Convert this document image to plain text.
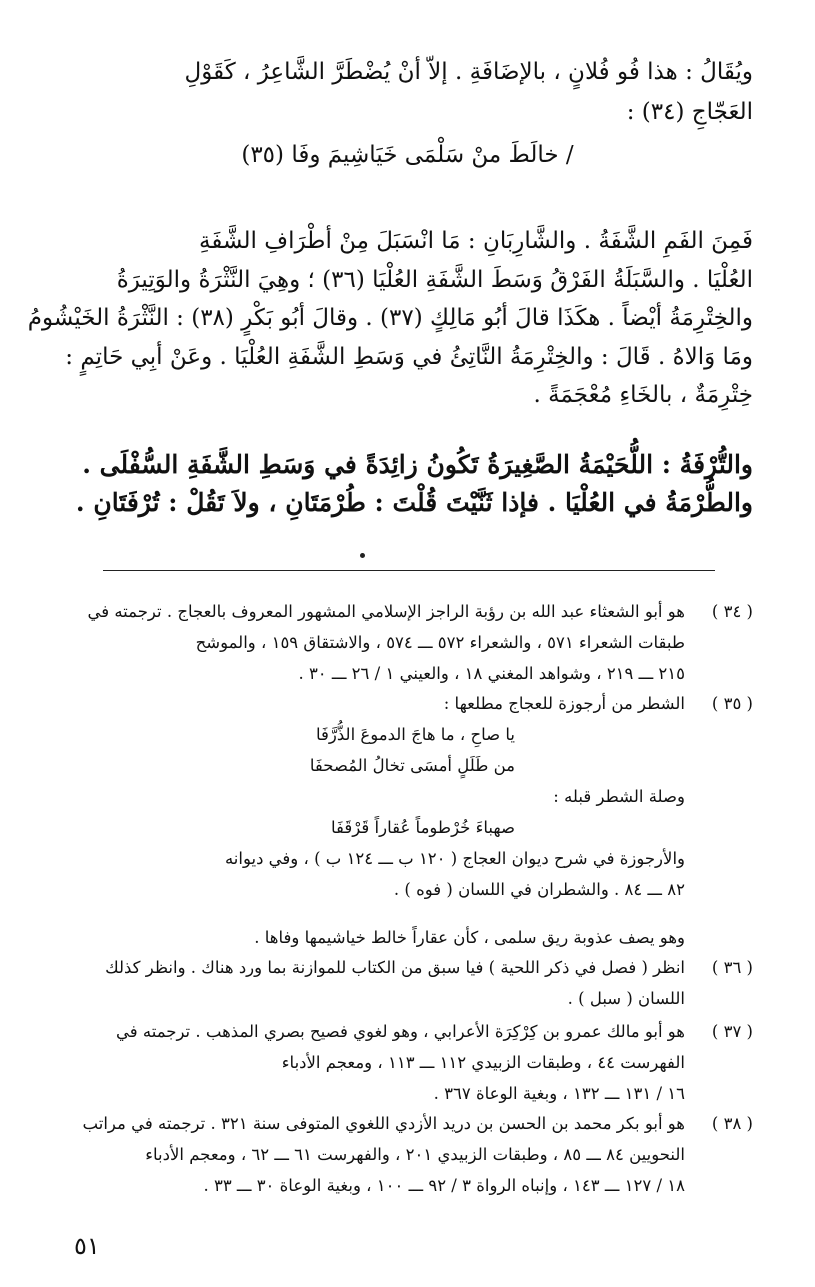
ويُقَالُ : هذا فُو فُلانٍ ، بالإضَافَةِ . إلاّ أنْ يُضْطَرَّ الشَّاعِرُ ، كَقَوْلِ
العَجّاجِ (٣٤) :
/ خالَطَ منْ سَلْمَى خَيَاشِيمَ وفَا (٣٥)
فَمِنَ الفَمِ الشَّفَةُ . والشَّارِبَانِ : مَا انْسَبَلَ مِنْ أطْرَافِ الشَّفَةِ
العُلْيَا . والسَّبَلَةُ الفَرْقُ وَسَطَ الشَّفَةِ العُلْيَا (٣٦) ؛ وهِيَ النَّثْرَةُ والوَتِيرَةُ
والخِتْرِمَةُ أيْضاً . هكَذَا قالَ أبُو مَالِكٍ (٣٧) . وقالَ أبُو بَكْرٍ (٣٨) : النَّثْرَةُ الخَيْشُومُ
ومَا وَالاهُ . قَالَ : والخِتْرِمَةُ النَّاتِئُ في وَسَطِ الشَّفَةِ العُلْيَا . وعَنْ أبِي حَاتِمٍ :
خِتْرِمَةٌ ، بالخَاءِ مُعْجَمَةً .
والتُّرْفَةُ : اللُّحَيْمَةُ الصَّغِيرَةُ تَكُونُ زائِدَةً في وَسَطِ الشَّفَةِ السُّفْلَى .
والطُّرْمَةُ في العُلْيَا . فإذا ثَنَّيْتَ قُلْتَ : طُرْمَتَانِ ، ولاَ تَقُلْ : تُرْفَتَانِ .
( ٣٤ )
هو أبو الشعثاء عبد الله بن رؤبة الراجز الإسلامي المشهور المعروف بالعجاج . ترجمته في
طبقات الشعراء ٥٧١ ، والشعراء ٥٧٢ ـــ ٥٧٤ ، والاشتقاق ١٥٩ ، والموشح
٢١٥ ـــ ٢١٩ ، وشواهد المغني ١٨ ، والعيني ١ / ٢٦ ـــ ٣٠ .
( ٣٥ )
الشطر من أرجوزة للعجاج مطلعها :
يا صاحِ ، ما هاجَ الدموعَ الذُّرَّفَا
من طَلَلٍ أمسَى تخالُ المُصحفَا
وصلة الشطر قبله :
صهباءَ خُرْطوماً عُقاراً قَرْقَفَا
والأرجوزة في شرح ديوان العجاج ( ١٢٠ ب ـــ ١٢٤ ب ) ، وفي ديوانه
٨٢ ـــ ٨٤ . والشطران في اللسان ( فوه ) .
وهو يصف عذوبة ريق سلمى ، كأن عقاراً خالط خياشيمها وفاها .
( ٣٦ )
انظر ( فصل في ذكر اللحية ) فيا سبق من الكتاب للموازنة بما ورد هناك . وانظر كذلك
اللسان ( سبل ) .
( ٣٧ )
هو أبو مالك عمرو بن كِرْكِرَة الأعرابي ، وهو لغوي فصيح بصري المذهب . ترجمته في
الفهرست ٤٤ ، وطبقات الزبيدي ١١٢ ـــ ١١٣ ، ومعجم الأدباء
١٦ / ١٣١ ـــ ١٣٢ ، وبغية الوعاة ٣٦٧ .
( ٣٨ )
هو أبو بكر محمد بن الحسن بن دريد الأزدي اللغوي المتوفى سنة ٣٢١ . ترجمته في مراتب
النحويين ٨٤ ـــ ٨٥ ، وطبقات الزبيدي ٢٠١ ، والفهرست ٦١ ـــ ٦٢ ، ومعجم الأدباء
١٨ / ١٢٧ ـــ ١٤٣ ، وإنباه الرواة ٣ / ٩٢ ـــ ١٠٠ ، وبغية الوعاة ٣٠ ـــ ٣٣ .
٥١
